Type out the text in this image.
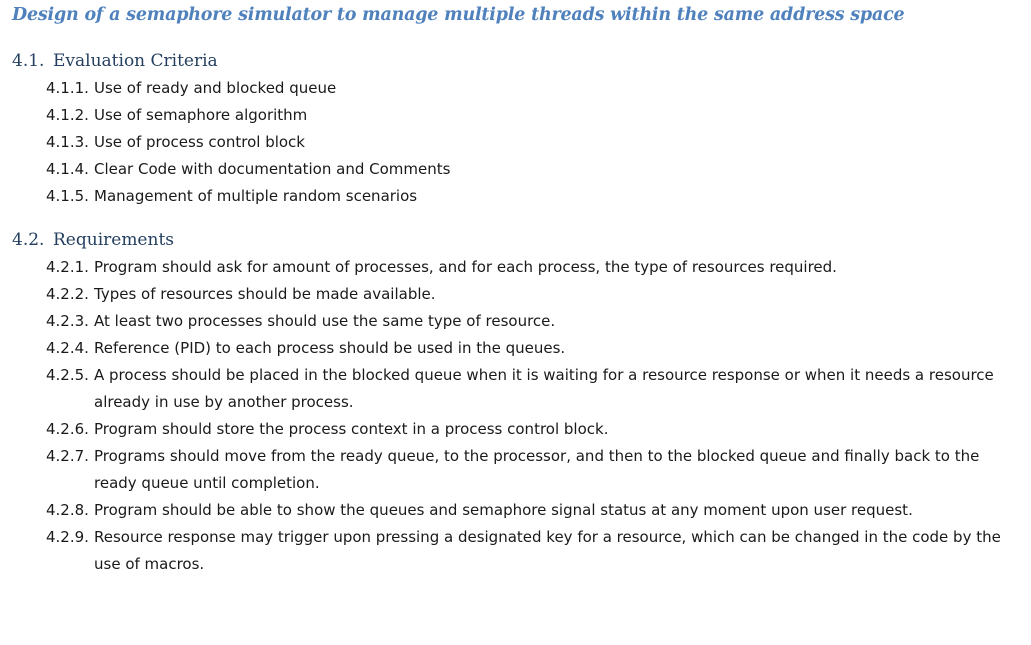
Design of a semaphore simulator to manage multiple threads within the same address space
4.1. Evaluation Criteria
4.1.1. Use of ready and blocked queue
4.1.2. Use of semaphore algorithm
4.1.3. Use of process control block
4.1.4. Clear Code with documentation and Comments
4.1.5. Management of multiple random scenarios
4.2. Requirements
4.2.1. Program should ask for amount of processes, and for each process, the type of resources required.
4.2.2. Types of resources should be made available.
4.2.3. At least two processes should use the same type of resource.
4.2.4. Reference (PID) to each process should be used in the queues.
4.2.5. A process should be placed in the blocked queue when it is waiting for a resource response or when it needs a resource already in use by another process.
4.2.6. Program should store the process context in a process control block.
4.2.7. Programs should move from the ready queue, to the processor, and then to the blocked queue and finally back to the ready queue until completion.
4.2.8. Program should be able to show the queues and semaphore signal status at any moment upon user request.
4.2.9. Resource response may trigger upon pressing a designated key for a resource, which can be changed in the code by the use of macros.
